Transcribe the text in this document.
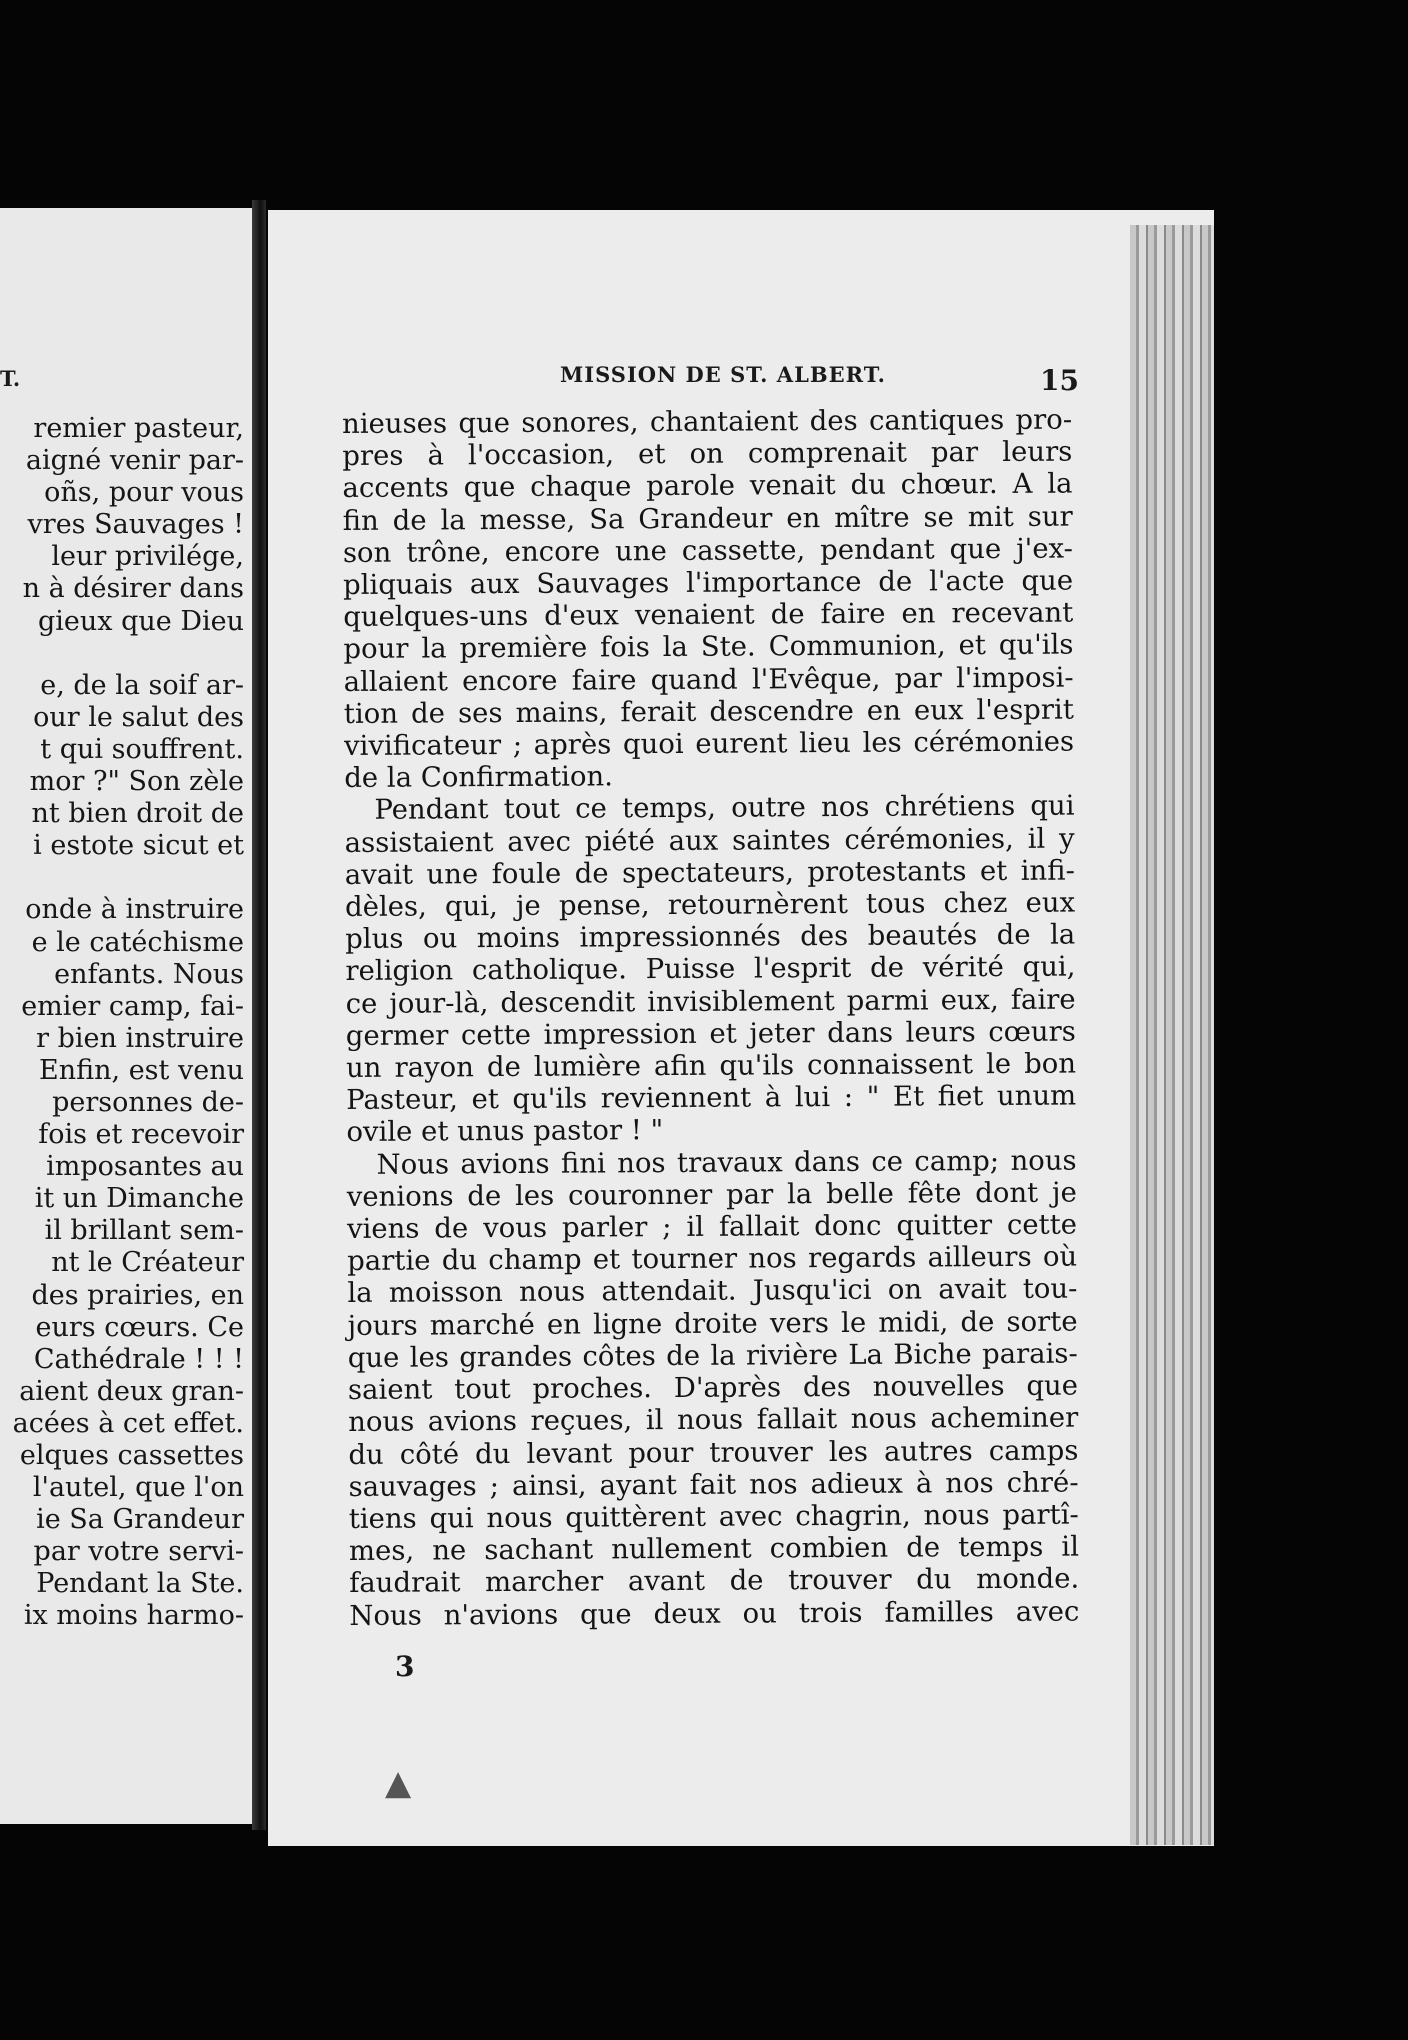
T.
remier pasteur,
aigné venir par-
oñs, pour vous
vres Sauvages !
leur privilége,
n à désirer dans
gieux que Dieu

e, de la soif ar-
our le salut des
t qui souffrent.
mor ?" Son zèle
nt bien droit de
i estote sicut et

onde à instruire
e le catéchisme
enfants. Nous
emier camp, fai-
r bien instruire
Enfin, est venu
personnes de-
fois et recevoir
imposantes au
it un Dimanche
il brillant sem-
nt le Créateur
des prairies, en
eurs cœurs. Ce
Cathédrale ! ! !
aient deux gran-
acées à cet effet.
elques cassettes
l'autel, que l'on
ie Sa Grandeur
par votre servi-
Pendant la Ste.
ix moins harmo-
MISSION DE ST. ALBERT.	15
nieuses que sonores, chantaient des cantiques pro-
pres à l'occasion, et on comprenait par leurs
accents que chaque parole venait du chœur. A la
fin de la messe, Sa Grandeur en mître se mit sur
son trône, encore une cassette, pendant que j'ex-
pliquais aux Sauvages l'importance de l'acte que
quelques-uns d'eux venaient de faire en recevant
pour la première fois la Ste. Communion, et qu'ils
allaient encore faire quand l'Evêque, par l'imposi-
tion de ses mains, ferait descendre en eux l'esprit
vivificateur ; après quoi eurent lieu les cérémonies
de la Confirmation.
Pendant tout ce temps, outre nos chrétiens qui
assistaient avec piété aux saintes cérémonies, il y
avait une foule de spectateurs, protestants et infi-
dèles, qui, je pense, retournèrent tous chez eux
plus ou moins impressionnés des beautés de la
religion catholique. Puisse l'esprit de vérité qui,
ce jour-là, descendit invisiblement parmi eux, faire
germer cette impression et jeter dans leurs cœurs
un rayon de lumière afin qu'ils connaissent le bon
Pasteur, et qu'ils reviennent à lui : " Et fiet unum
ovile et unus pastor ! "
Nous avions fini nos travaux dans ce camp; nous
venions de les couronner par la belle fête dont je
viens de vous parler ; il fallait donc quitter cette
partie du champ et tourner nos regards ailleurs où
la moisson nous attendait. Jusqu'ici on avait tou-
jours marché en ligne droite vers le midi, de sorte
que les grandes côtes de la rivière La Biche parais-
saient tout proches. D'après des nouvelles que
nous avions reçues, il nous fallait nous acheminer
du côté du levant pour trouver les autres camps
sauvages ; ainsi, ayant fait nos adieux à nos chré-
tiens qui nous quittèrent avec chagrin, nous partî-
mes, ne sachant nullement combien de temps il
faudrait marcher avant de trouver du monde.
Nous n'avions que deux ou trois familles avec
3
▲
